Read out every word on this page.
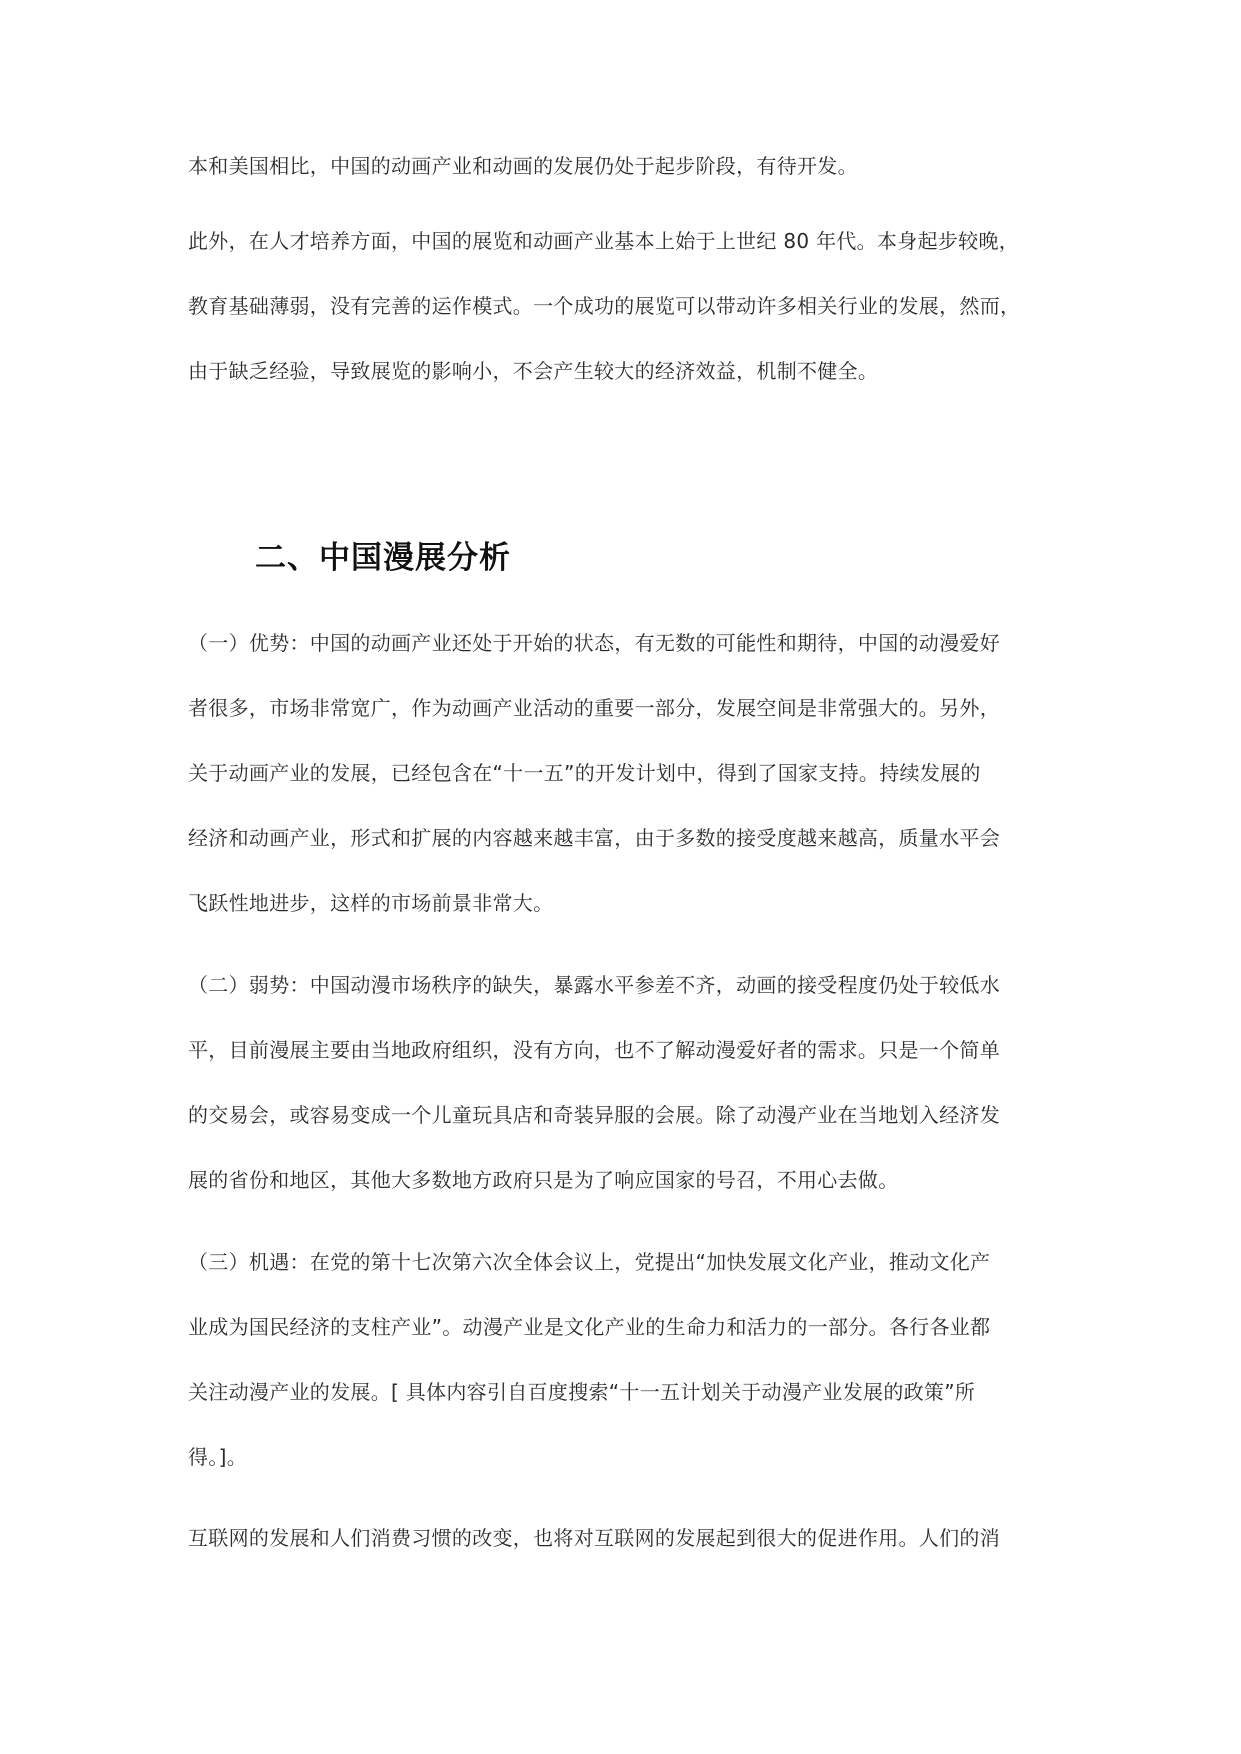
本和美国相比，中国的动画产业和动画的发展仍处于起步阶段，有待开发。

此外，在人才培养方面，中国的展览和动画产业基本上始于上世纪 80 年代。本身起步较晚，
教育基础薄弱，没有完善的运作模式。一个成功的展览可以带动许多相关行业的发展，然而，
由于缺乏经验，导致展览的影响小，不会产生较大的经济效益，机制不健全。

二、中国漫展分析

（一）优势：中国的动画产业还处于开始的状态，有无数的可能性和期待，中国的动漫爱好
者很多，市场非常宽广，作为动画产业活动的重要一部分，发展空间是非常强大的。另外，
关于动画产业的发展，已经包含在“十一五”的开发计划中，得到了国家支持。持续发展的
经济和动画产业，形式和扩展的内容越来越丰富，由于多数的接受度越来越高，质量水平会
飞跃性地进步，这样的市场前景非常大。

（二）弱势：中国动漫市场秩序的缺失，暴露水平参差不齐，动画的接受程度仍处于较低水
平，目前漫展主要由当地政府组织，没有方向，也不了解动漫爱好者的需求。只是一个简单
的交易会，或容易变成一个儿童玩具店和奇装异服的会展。除了动漫产业在当地划入经济发
展的省份和地区，其他大多数地方政府只是为了响应国家的号召，不用心去做。

（三）机遇：在党的第十七次第六次全体会议上，党提出“加快发展文化产业，推动文化产
业成为国民经济的支柱产业”。动漫产业是文化产业的生命力和活力的一部分。各行各业都
关注动漫产业的发展。[ 具体内容引自百度搜索“十一五计划关于动漫产业发展的政策”所
得。]。

互联网的发展和人们消费习惯的改变，也将对互联网的发展起到很大的促进作用。人们的消
